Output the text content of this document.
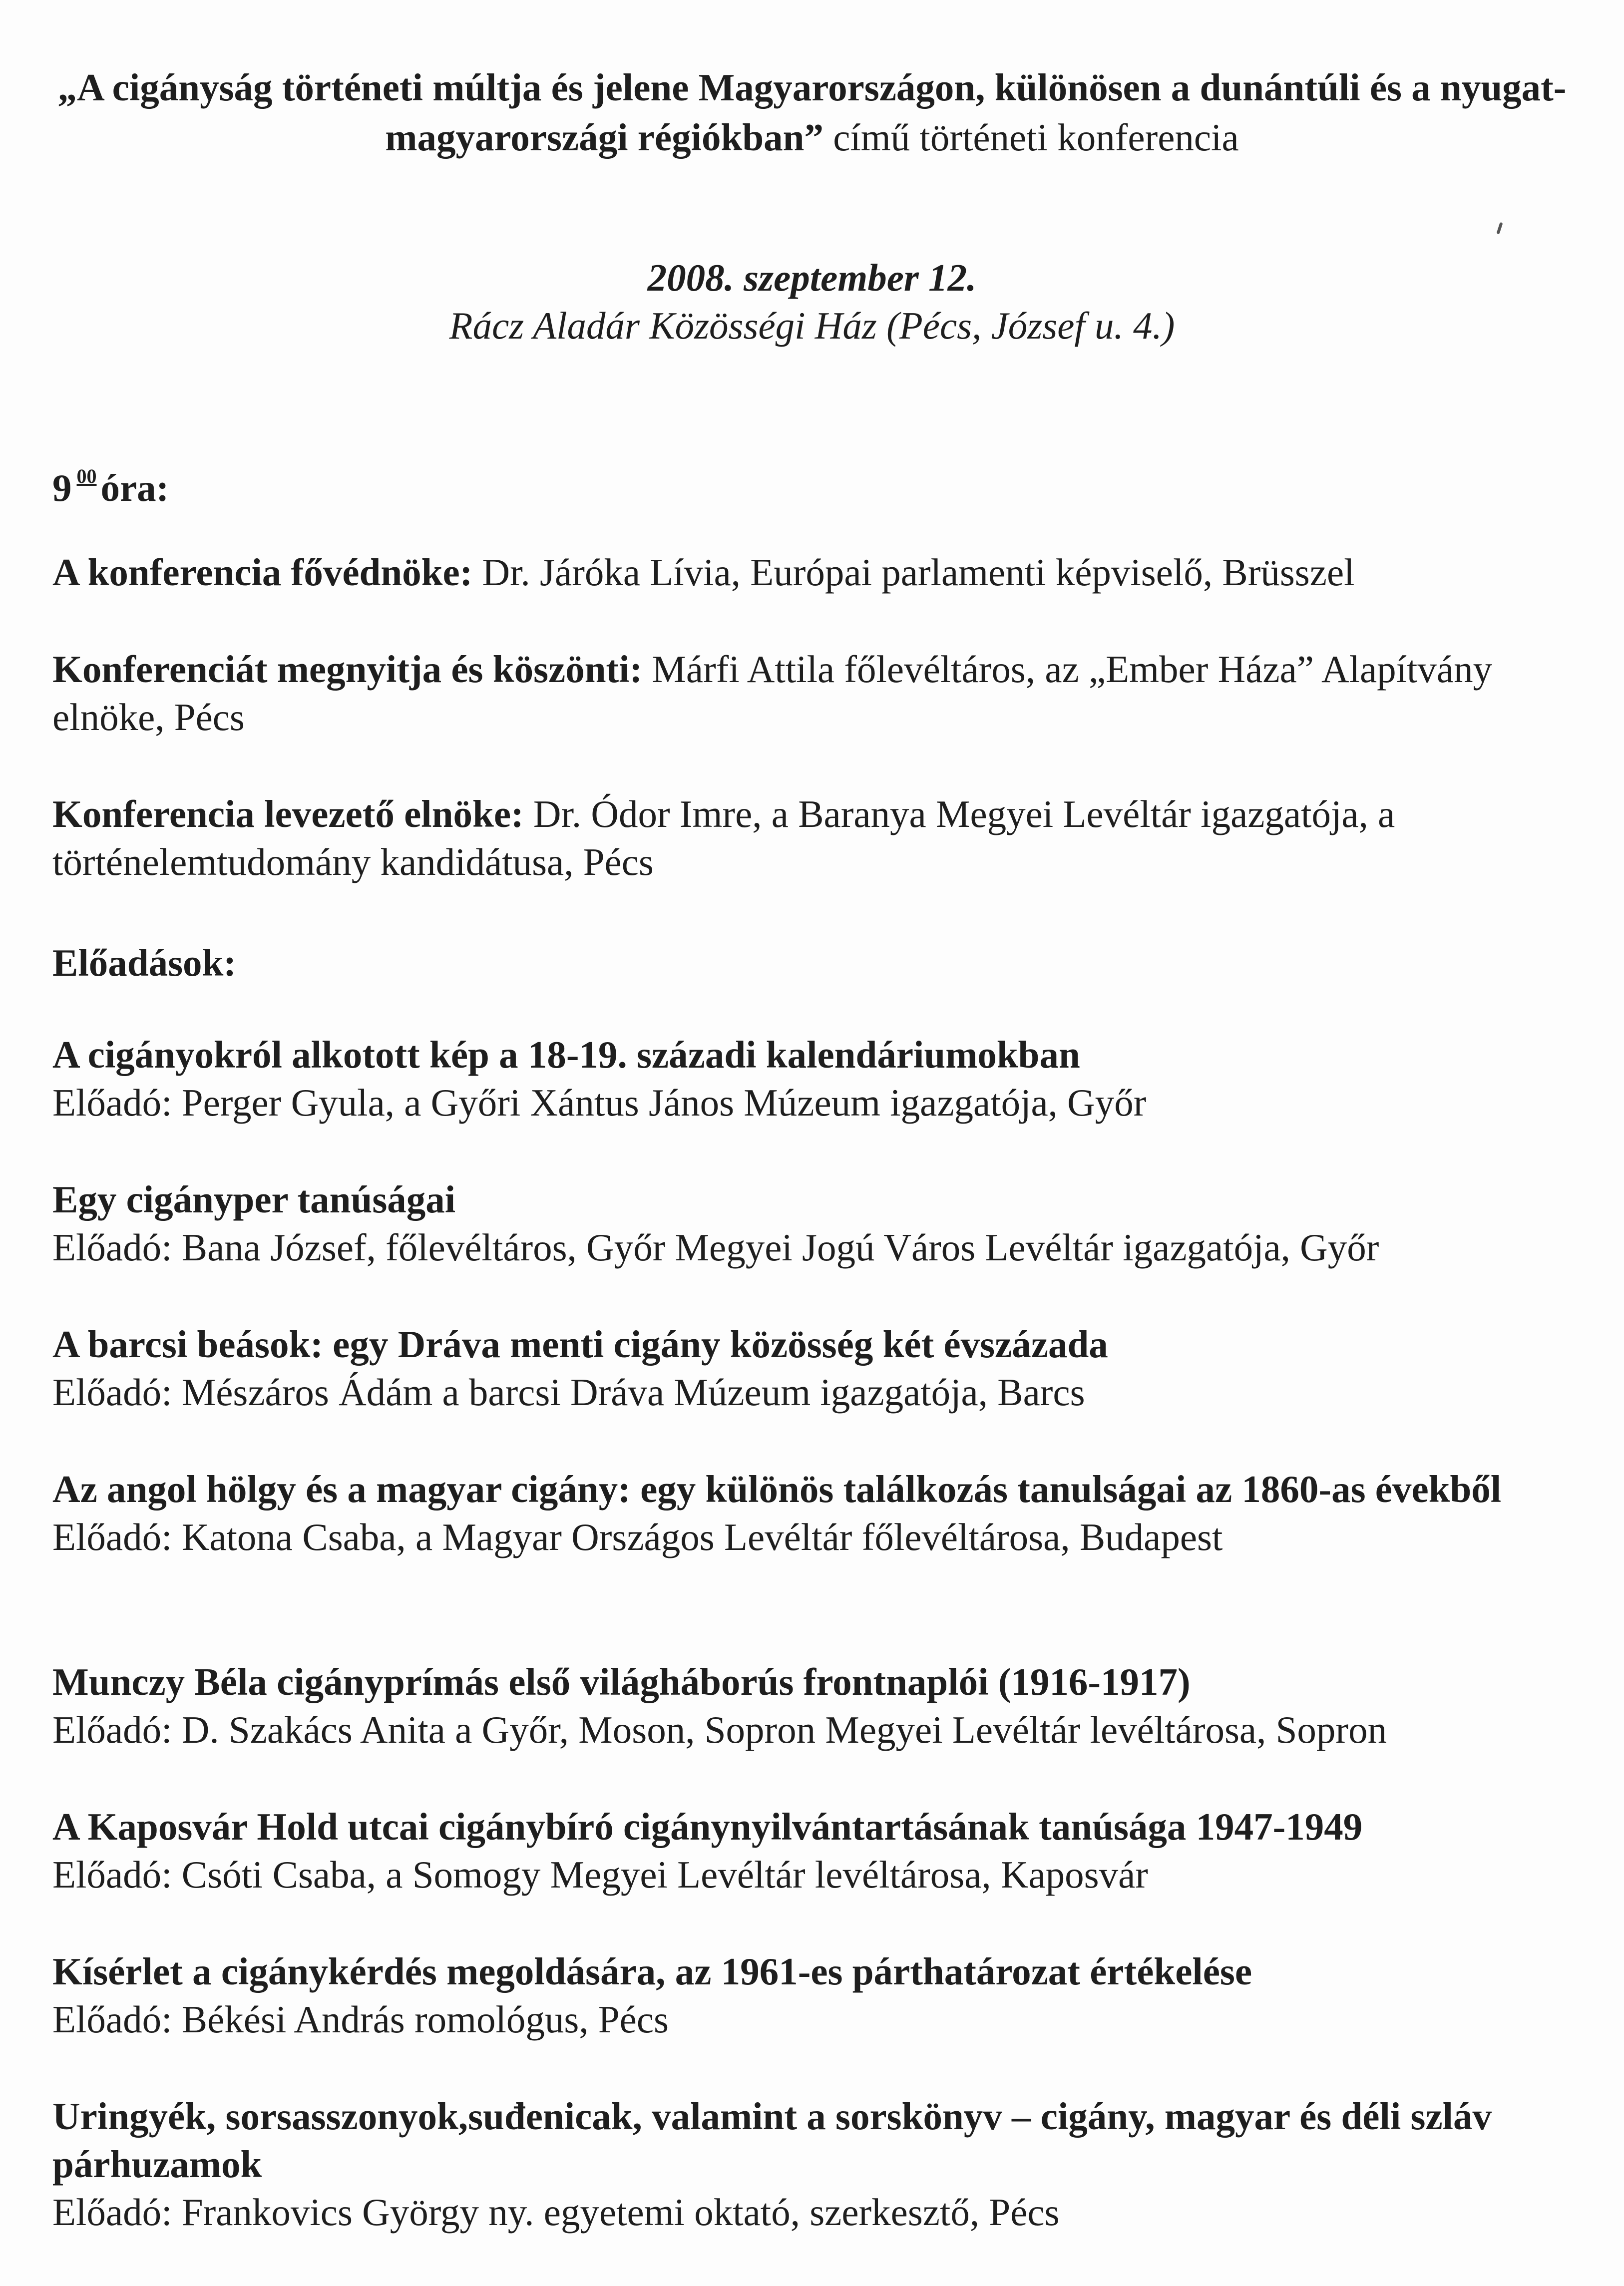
„A cigányság történeti múltja és jelene Magyarországon, különösen a dunántúli és a nyugat-magyarországi régiókban” című történeti konferencia
2008. szeptember 12.
Rácz Aladár Közösségi Ház (Pécs, József u. 4.)
9 $^{00}$ óra:
A konferencia fővédnöke: Dr. Járóka Lívia, Európai parlamenti képviselő, Brüsszel
Konferenciát megnyitja és köszönti: Márfi Attila főlevéltáros, az „Ember Háza” Alapítvány elnöke, Pécs
Konferencia levezető elnöke: Dr. Ódor Imre, a Baranya Megyei Levéltár igazgatója, a történelemtudomány kandidátusa, Pécs
Előadások:
A cigányokról alkotott kép a 18-19. századi kalendáriumokban
Előadó: Perger Gyula, a Győri Xántus János Múzeum igazgatója, Győr
Egy cigányper tanúságai
Előadó: Bana József, főlevéltáros, Győr Megyei Jogú Város Levéltár igazgatója, Győr
A barcsi beások: egy Dráva menti cigány közösség két évszázada
Előadó: Mészáros Ádám a barcsi Dráva Múzeum igazgatója, Barcs
Az angol hölgy és a magyar cigány: egy különös találkozás tanulságai az 1860-as évekből
Előadó: Katona Csaba, a Magyar Országos Levéltár főlevéltárosa, Budapest
Munczy Béla cigányprímás első világháborús frontnaplói (1916-1917)
Előadó: D. Szakács Anita a Győr, Moson, Sopron Megyei Levéltár levéltárosa, Sopron
A Kaposvár Hold utcai cigánybíró cigánynyilvántartásának tanúsága 1947-1949
Előadó: Csóti Csaba, a Somogy Megyei Levéltár levéltárosa, Kaposvár
Kísérlet a cigánykérdés megoldására, az 1961-es párthatározat értékelése
Előadó: Békési András romológus, Pécs
Uringyék, sorsasszonyok,suđenicak, valamint a sorskönyv – cigány, magyar és déli szláv párhuzamok
Előadó: Frankovics György ny. egyetemi oktató, szerkesztő, Pécs
